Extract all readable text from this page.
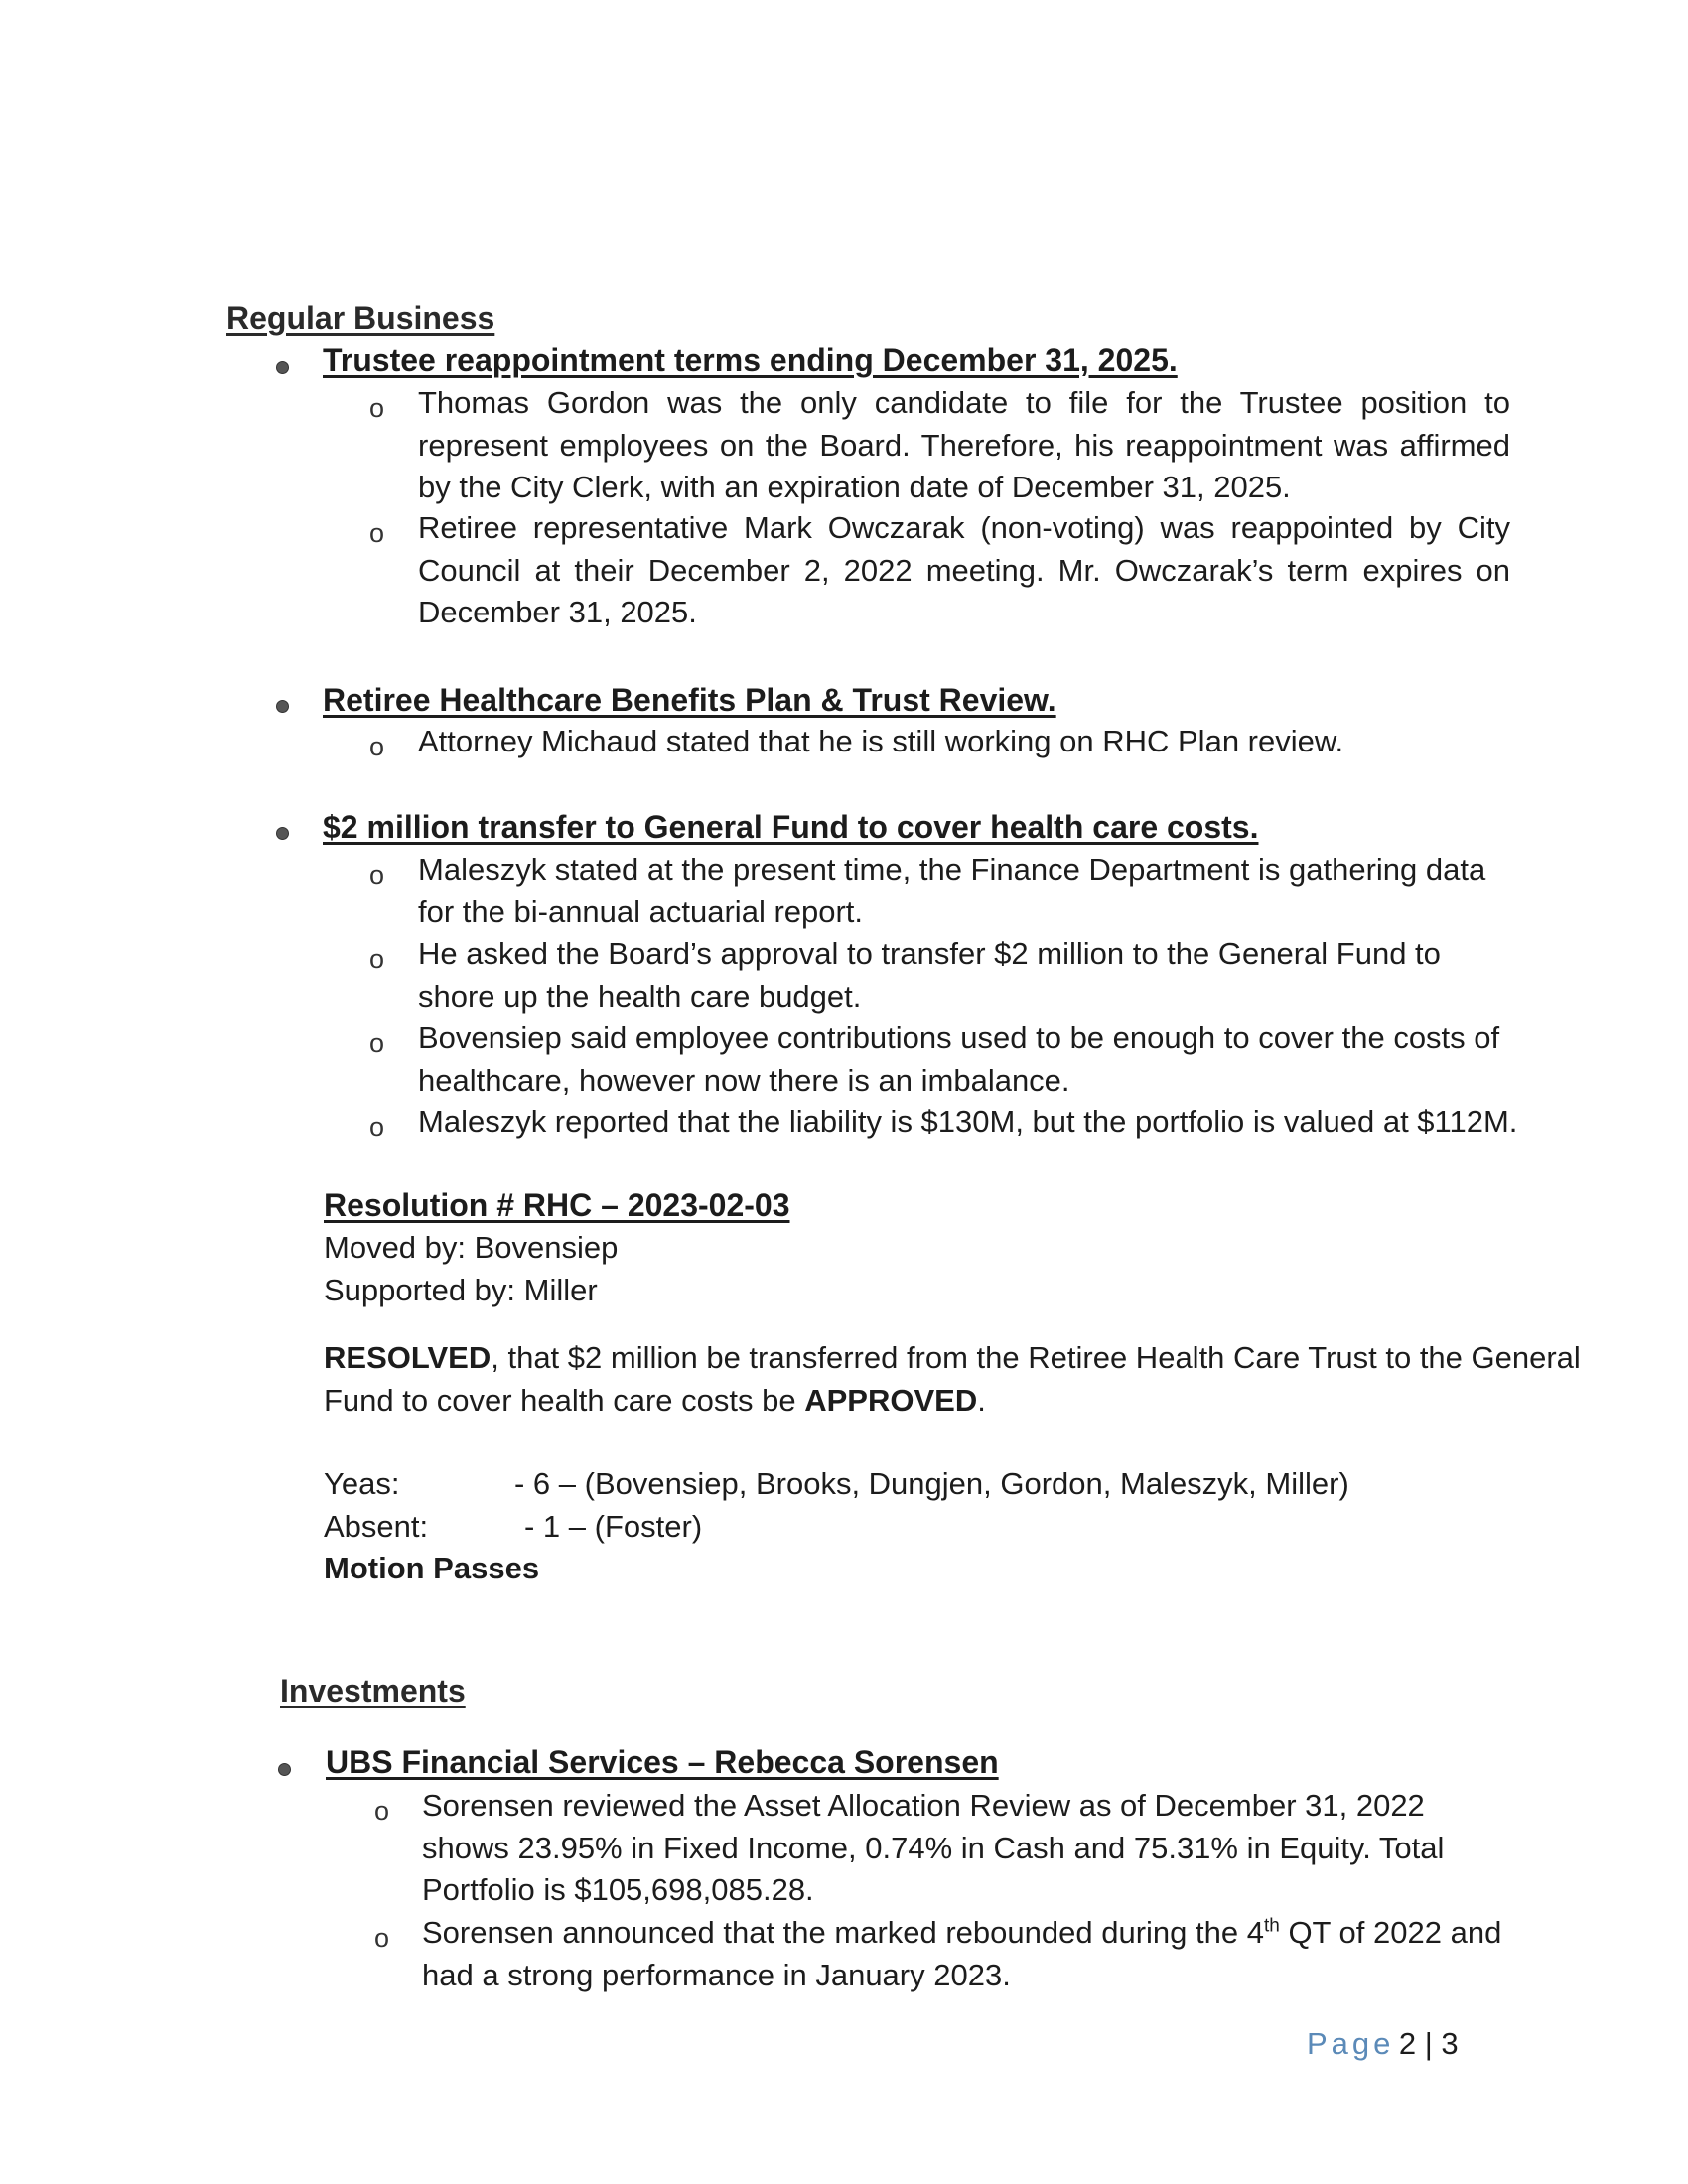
Regular Business
Trustee reappointment terms ending December 31, 2025.
o Thomas Gordon was the only candidate to file for the Trustee position to represent employees on the Board. Therefore, his reappointment was affirmed by the City Clerk, with an expiration date of December 31, 2025.
o Retiree representative Mark Owczarak (non-voting) was reappointed by City Council at their December 2, 2022 meeting. Mr. Owczarak’s term expires on December 31, 2025.
Retiree Healthcare Benefits Plan & Trust Review.
o Attorney Michaud stated that he is still working on RHC Plan review.
$2 million transfer to General Fund to cover health care costs.
o Maleszyk stated at the present time, the Finance Department is gathering data for the bi-annual actuarial report.
o He asked the Board’s approval to transfer $2 million to the General Fund to shore up the health care budget.
o Bovensiep said employee contributions used to be enough to cover the costs of healthcare, however now there is an imbalance.
o Maleszyk reported that the liability is $130M, but the portfolio is valued at $112M.
Resolution # RHC – 2023-02-03
Moved by: Bovensiep
Supported by: Miller
RESOLVED, that $2 million be transferred from the Retiree Health Care Trust to the General
Fund to cover health care costs be APPROVED.
Yeas:	- 6 – (Bovensiep, Brooks, Dungjen, Gordon, Maleszyk, Miller)
Absent:	- 1 – (Foster)
Motion Passes
Investments
UBS Financial Services – Rebecca Sorensen
o Sorensen reviewed the Asset Allocation Review as of December 31, 2022 shows 23.95% in Fixed Income, 0.74% in Cash and 75.31% in Equity. Total Portfolio is $105,698,085.28.
o Sorensen announced that the marked rebounded during the 4th QT of 2022 and had a strong performance in January 2023.
Page 2 | 3
